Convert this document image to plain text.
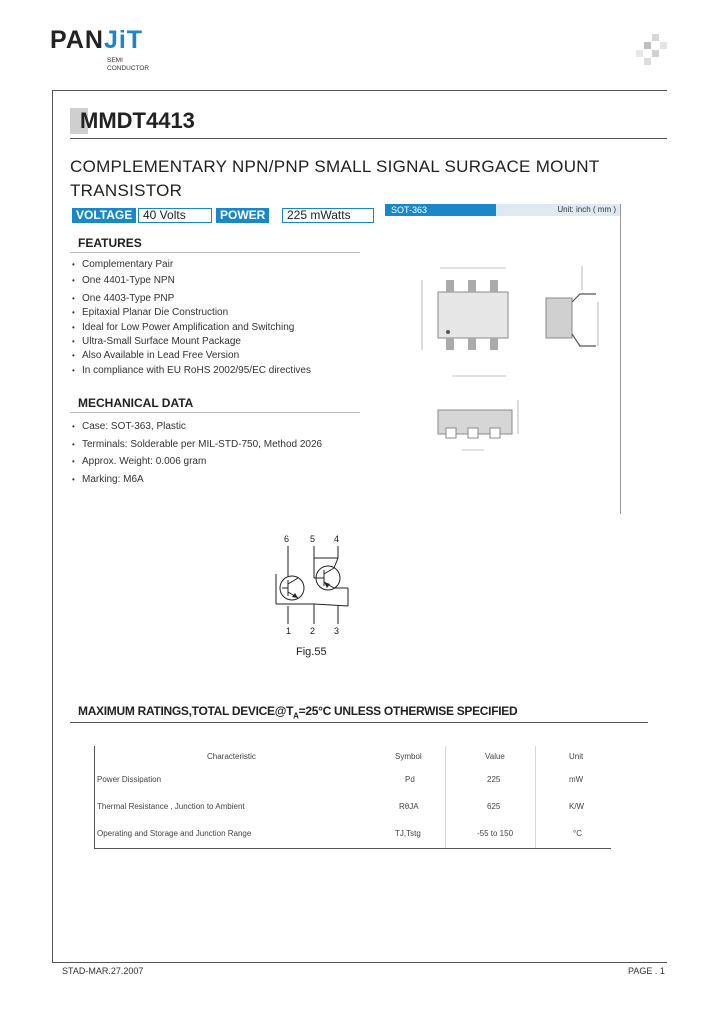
PANJiT
SEMI
CONDUCTOR
MMDT4413
COMPLEMENTARY NPN/PNP SMALL SIGNAL SURGACE MOUNT
TRANSISTOR
VOLTAGE 40 Volts	POWER	225 mWatts	SOT-363	Unit: inch ( mm )
FEATURES
• Complementary Pair
• One 4401-Type NPN
• One 4403-Type PNP
• Epitaxial Planar Die Construction
• Ideal for Low Power Amplification and Switching
• Ultra-Small Surface Mount Package
• Also Available in Lead Free Version
• In compliance with EU RoHS 2002/95/EC directives
MECHANICAL DATA
• Case: SOT-363, Plastic
• Terminals: Solderable per MIL-STD-750, Method 2026
• Approx. Weight: 0.006 gram
• Marking: M6A
6 5 4
1 2 3
Fig.55
MAXIMUM RATINGS,TOTAL $DEVICE@T_A=25^\circ C$ UNLESS OTHERWISE SPECIFIED
Characteristic	Symbol	Value	Unit
Power Dissipation	Pd	225	mW
Thermal Resistance , Junction to Ambient	RθJA	625	K/W
Operating and Storage and Junction Range	TJ,Tstg	-55 to 150	°C
STAD-MAR.27.2007	PAGE . 1
